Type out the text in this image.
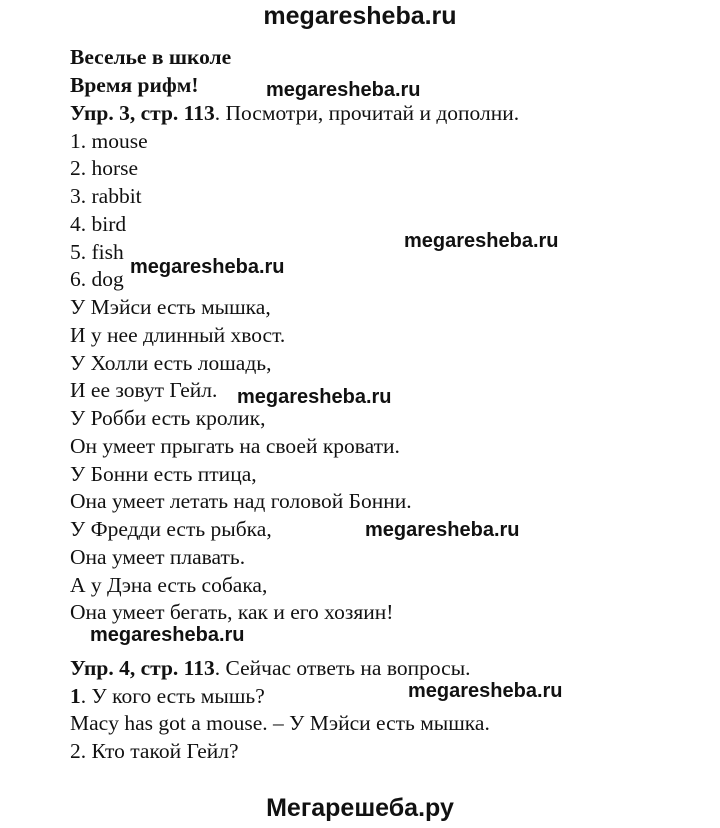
megaresheba.ru
Веселье в школе
Время рифм!
Упр. 3, стр. 113. Посмотри, прочитай и дополни.
1. mouse
2. horse
3. rabbit
4. bird
5. fish
6. dog
У Мэйси есть мышка,
И у нее длинный хвост.
У Холли есть лошадь,
И ее зовут Гейл.
У Робби есть кролик,
Он умеет прыгать на своей кровати.
У Бонни есть птица,
Она умеет летать над головой Бонни.
У Фредди есть рыбка,
Она умеет плавать.
А у Дэна есть собака,
Она умеет бегать, как и его хозяин!
Упр. 4, стр. 113. Сейчас ответь на вопросы.
1. У кого есть мышь?
Macy has got a mouse. – У Мэйси есть мышка.
2. Кто такой Гейл?
megaresheba.ru
megaresheba.ru
megaresheba.ru
megaresheba.ru
megaresheba.ru
megaresheba.ru
megaresheba.ru
Мегарешеба.ру
